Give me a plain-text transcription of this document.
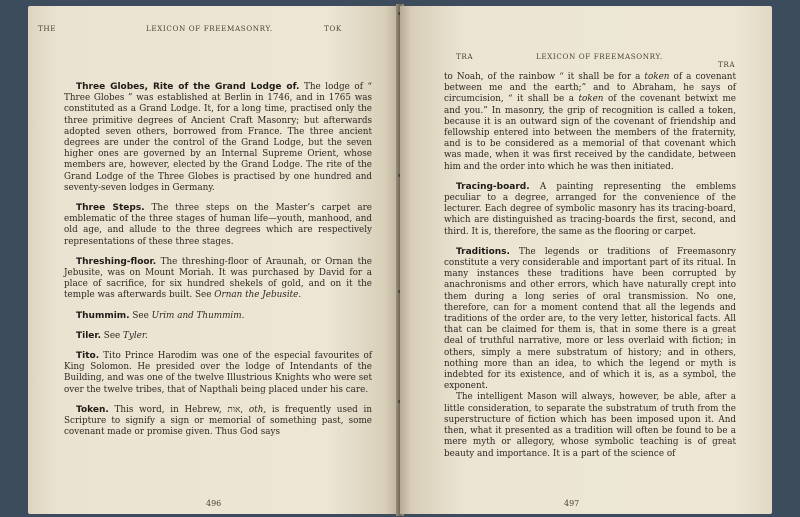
THE	LEXICON OF FREEMASONRY.	TOK

Three Globes, Rite of the Grand Lodge of. The lodge of “ Three Globes ” was established at Berlin in 1746, and in 1765 was constituted as a Grand Lodge. It, for a long time, practised only the three primitive degrees of Ancient Craft Masonry; but afterwards adopted seven others, borrowed from France. The three ancient degrees are under the control of the Grand Lodge, but the seven higher ones are governed by an Internal Supreme Orient, whose members are, however, elected by the Grand Lodge. The rite of the Grand Lodge of the Three Globes is practised by one hundred and seventy-seven lodges in Germany.

Three Steps. The three steps on the Master’s carpet are emblematic of the three stages of human life—youth, manhood, and old age, and allude to the three degrees which are respectively representations of these three stages.

Threshing-floor. The threshing-floor of Araunah, or Ornan the Jebusite, was on Mount Moriah. It was purchased by David for a place of sacrifice, for six hundred shekels of gold, and on it the temple was afterwards built. See Ornan the Jebusite.

Thummim. See Urim and Thummim.

Tiler. See Tyler.

Tito. Tito Prince Harodim was one of the especial favourites of King Solomon. He presided over the lodge of Intendants of the Building, and was one of the twelve Illustrious Knights who were set over the twelve tribes, that of Napthali being placed under his care.

Token. This word, in Hebrew, אות, oth, is frequently used in Scripture to signify a sign or memorial of something past, some covenant made or promise given. Thus God says

496
TRA	LEXICON OF FREEMASONRY.
TRA

to Noah, of the rainbow “ it shall be for a token of a covenant between me and the earth;” and to Abraham, he says of circumcision, “ it shall be a token of the covenant betwixt me and you.” In masonry, the grip of recognition is called a token, because it is an outward sign of the covenant of friendship and fellowship entered into between the members of the fraternity, and is to be considered as a memorial of that covenant which was made, when it was first received by the candidate, between him and the order into which he was then initiated.

Tracing-board. A painting representing the emblems peculiar to a degree, arranged for the convenience of the lecturer. Each degree of symbolic masonry has its tracing-board, which are distinguished as tracing-boards the first, second, and third. It is, therefore, the same as the flooring or carpet.

Traditions. The legends or traditions of Freemasonry constitute a very considerable and important part of its ritual. In many instances these traditions have been corrupted by anachronisms and other errors, which have naturally crept into them during a long series of oral transmission. No one, therefore, can for a moment contend that all the legends and traditions of the order are, to the very letter, historical facts. All that can be claimed for them is, that in some there is a great deal of truthful narrative, more or less overlaid with fiction; in others, simply a mere substratum of history; and in others, nothing more than an idea, to which the legend or myth is indebted for its existence, and of which it is, as a symbol, the exponent.

The intelligent Mason will always, however, be able, after a little consideration, to separate the substratum of truth from the superstructure of fiction which has been imposed upon it. And then, what it presented as a tradition will often be found to be a mere myth or allegory, whose symbolic teaching is of great beauty and importance. It is a part of the science of

497
